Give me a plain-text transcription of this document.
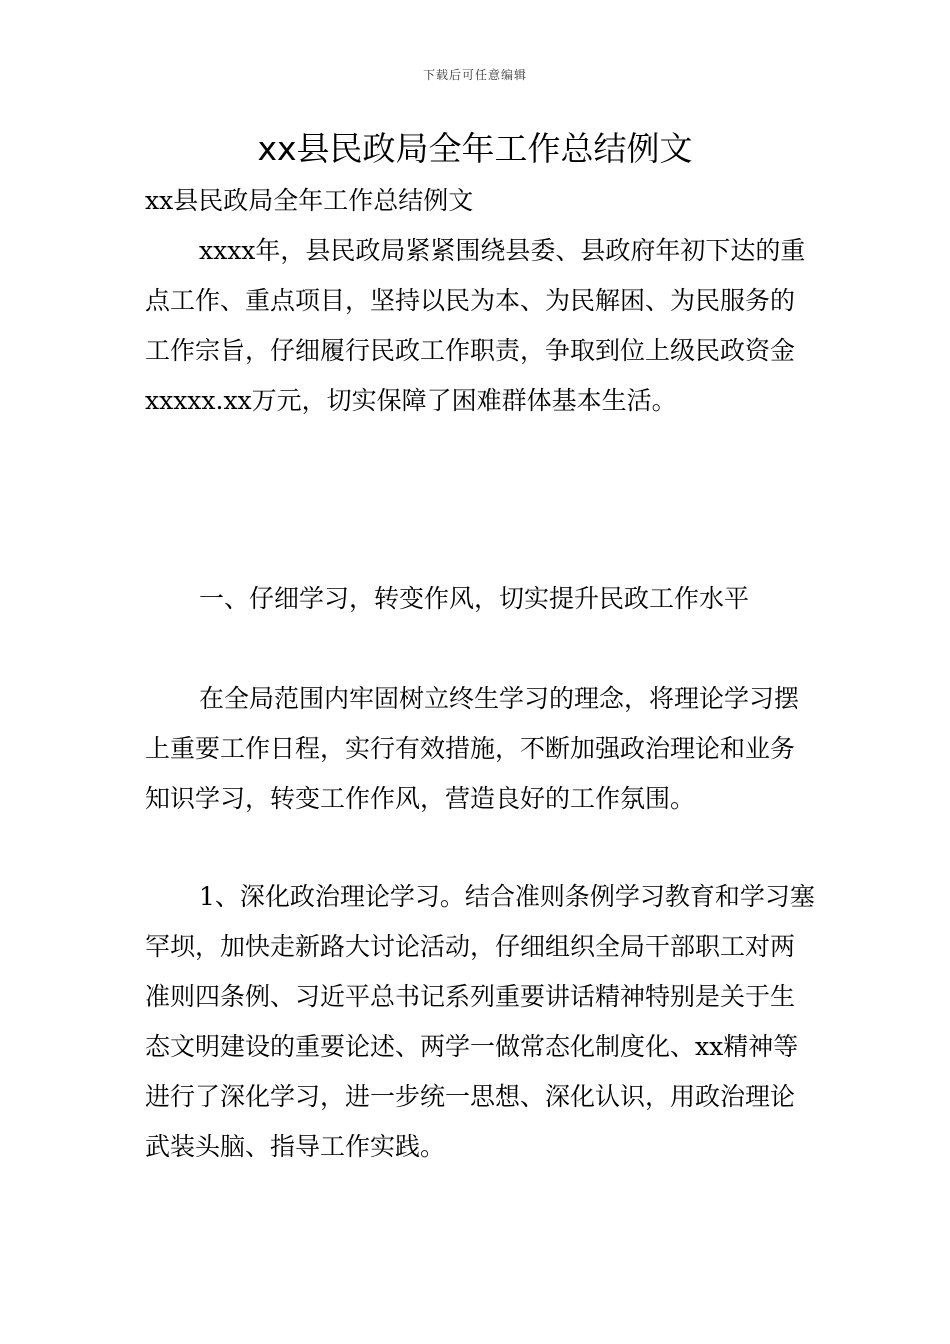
下载后可任意编辑
xx县民政局全年工作总结例文

xx县民政局全年工作总结例文

xxxx年，县民政局紧紧围绕县委、县政府年初下达的重点工作、重点项目，坚持以民为本、为民解困、为民服务的工作宗旨，仔细履行民政工作职责，争取到位上级民政资金xxxxx.xx万元，切实保障了困难群体基本生活。

一、仔细学习，转变作风，切实提升民政工作水平

在全局范围内牢固树立终生学习的理念，将理论学习摆上重要工作日程，实行有效措施，不断加强政治理论和业务知识学习，转变工作作风，营造良好的工作氛围。

1、深化政治理论学习。结合准则条例学习教育和学习塞罕坝，加快走新路大讨论活动，仔细组织全局干部职工对两准则四条例、习近平总书记系列重要讲话精神特别是关于生态文明建设的重要论述、两学一做常态化制度化、xx精神等进行了深化学习，进一步统一思想、深化认识，用政治理论武装头脑、指导工作实践。
